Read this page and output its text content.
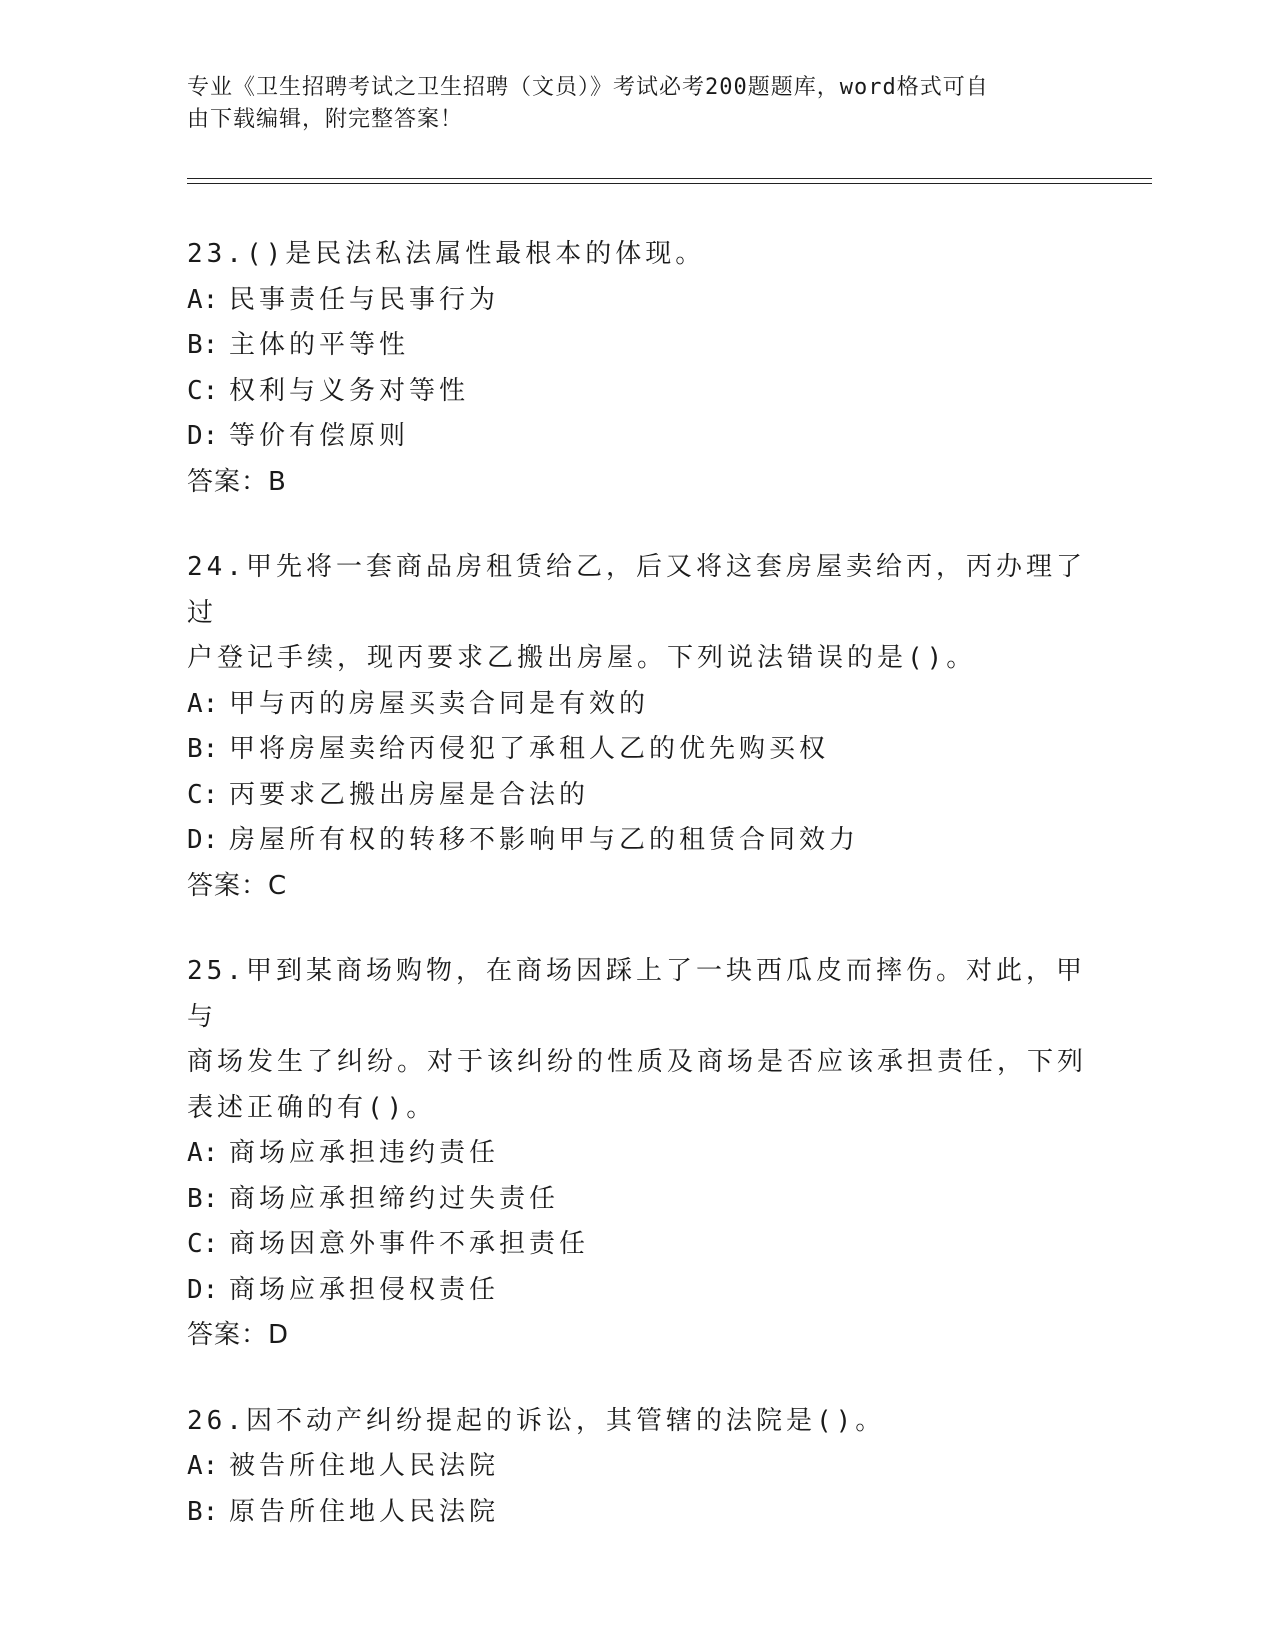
专业《卫生招聘考试之卫生招聘（文员）》考试必考200题题库，word格式可自
由下载编辑，附完整答案！
23.()是民法私法属性最根本的体现。
A: 民事责任与民事行为
B: 主体的平等性
C: 权利与义务对等性
D: 等价有偿原则
答案：B
24.甲先将一套商品房租赁给乙，后又将这套房屋卖给丙，丙办理了过
户登记手续，现丙要求乙搬出房屋。下列说法错误的是()。
A: 甲与丙的房屋买卖合同是有效的
B: 甲将房屋卖给丙侵犯了承租人乙的优先购买权
C: 丙要求乙搬出房屋是合法的
D: 房屋所有权的转移不影响甲与乙的租赁合同效力
答案：C
25.甲到某商场购物，在商场因踩上了一块西瓜皮而摔伤。对此，甲与
商场发生了纠纷。对于该纠纷的性质及商场是否应该承担责任，下列
表述正确的有()。
A: 商场应承担违约责任
B: 商场应承担缔约过失责任
C: 商场因意外事件不承担责任
D: 商场应承担侵权责任
答案：D
26.因不动产纠纷提起的诉讼，其管辖的法院是()。
A: 被告所住地人民法院
B: 原告所住地人民法院
